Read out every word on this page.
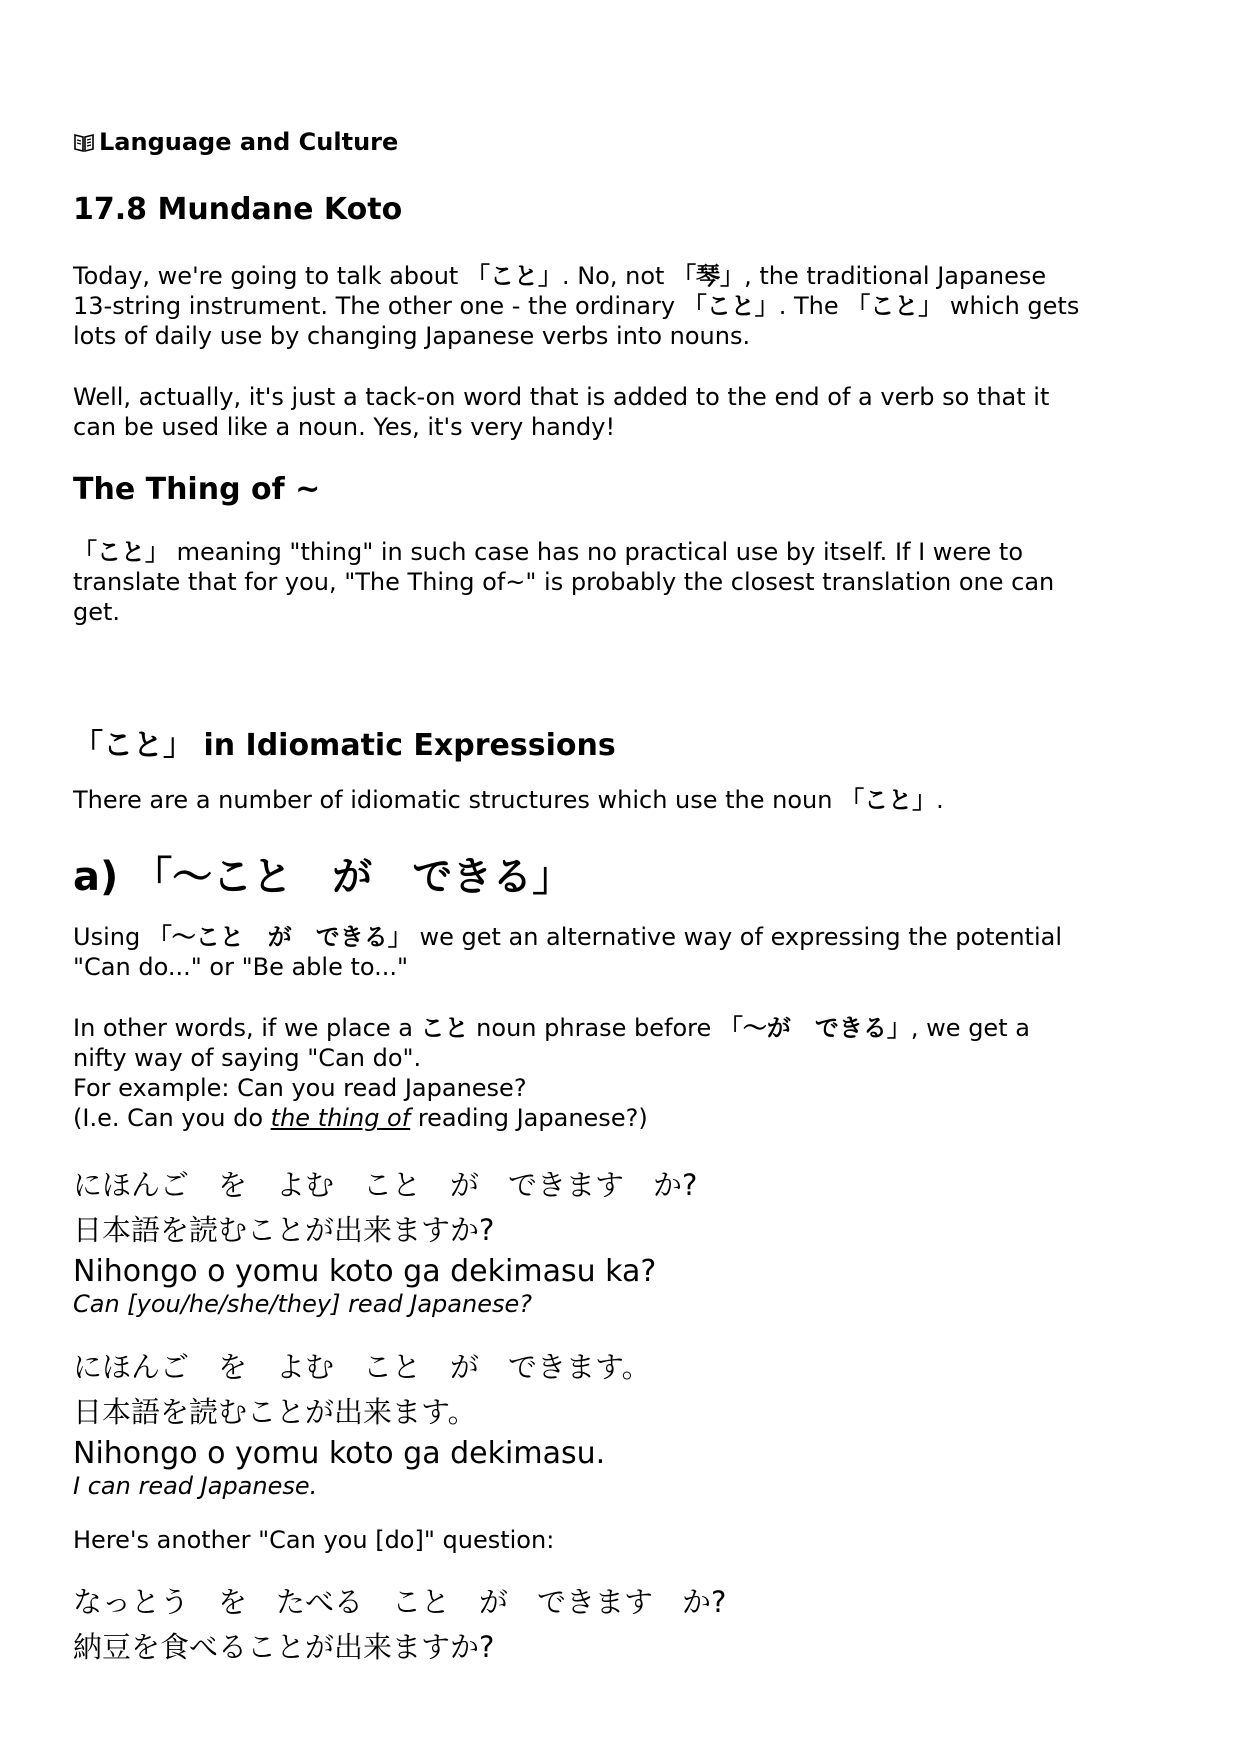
Language and Culture

17.8 Mundane Koto

Today, we're going to talk about 「こと」. No, not 「琴」, the traditional Japanese

13-string instrument. The other one - the ordinary 「こと」. The 「こと」 which gets

lots of daily use by changing Japanese verbs into nouns.

Well, actually, it's just a tack-on word that is added to the end of a verb so that it

can be used like a noun. Yes, it's very handy!

The Thing of ~

「こと」 meaning "thing" in such case has no practical use by itself. If I were to

translate that for you, "The Thing of~" is probably the closest translation one can

get.

「こと」 in Idiomatic Expressions

There are a number of idiomatic structures which use the noun 「こと」.

a) 「～こと　が　できる」

Using 「～こと　が　できる」 we get an alternative way of expressing the potential

"Can do..." or "Be able to..."

In other words, if we place a こと noun phrase before 「～が　できる」, we get a

nifty way of saying "Can do".

For example: Can you read Japanese?

(I.e. Can you do the thing of reading Japanese?)

にほんご　を　よむ　こと　が　できます　か?

日本語を読むことが出来ますか?

Nihongo o yomu koto ga dekimasu ka?

Can [you/he/she/they] read Japanese?

にほんご　を　よむ　こと　が　できます。

日本語を読むことが出来ます。

Nihongo o yomu koto ga dekimasu.

I can read Japanese.

Here's another "Can you [do]" question:

なっとう　を　たべる　こと　が　できます　か?

納豆を食べることが出来ますか?
